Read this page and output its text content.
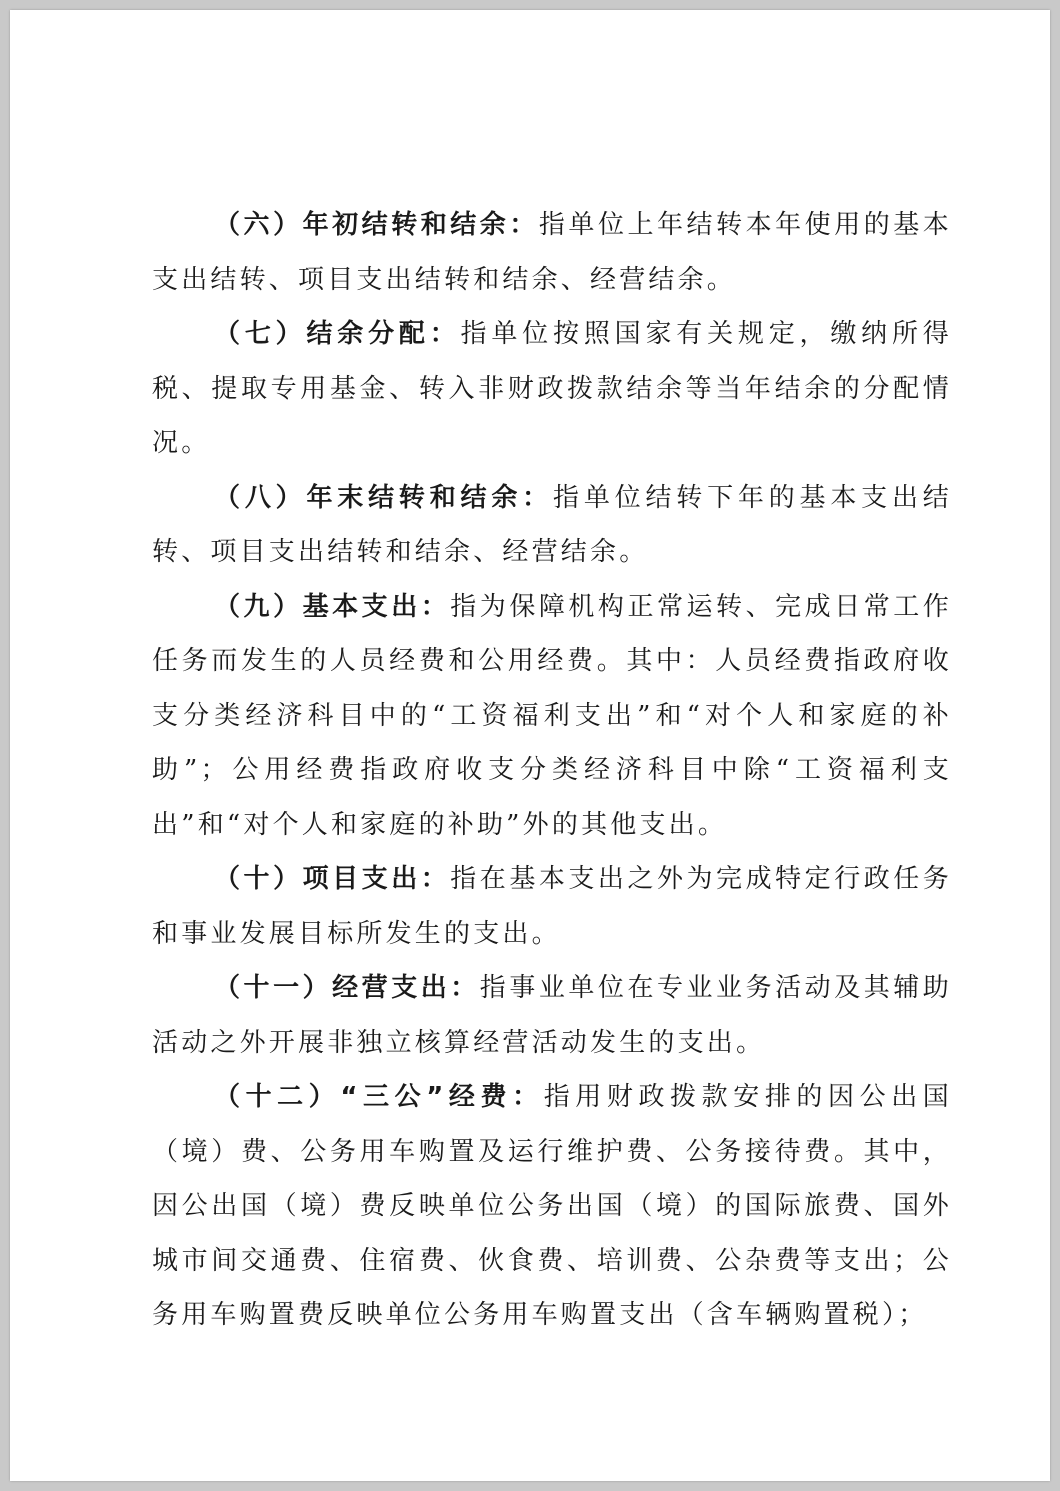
（六）年初结转和结余：指单位上年结转本年使用的基本支出结转、项目支出结转和结余、经营结余。

（七）结余分配：指单位按照国家有关规定，缴纳所得税、提取专用基金、转入非财政拨款结余等当年结余的分配情况。

（八）年末结转和结余：指单位结转下年的基本支出结转、项目支出结转和结余、经营结余。

（九）基本支出：指为保障机构正常运转、完成日常工作任务而发生的人员经费和公用经费。其中：人员经费指政府收支分类经济科目中的“工资福利支出”和“对个人和家庭的补助”；公用经费指政府收支分类经济科目中除“工资福利支出”和“对个人和家庭的补助”外的其他支出。

（十）项目支出：指在基本支出之外为完成特定行政任务和事业发展目标所发生的支出。

（十一）经营支出：指事业单位在专业业务活动及其辅助活动之外开展非独立核算经营活动发生的支出。

（十二）“三公”经费：指用财政拨款安排的因公出国（境）费、公务用车购置及运行维护费、公务接待费。其中，因公出国（境）费反映单位公务出国（境）的国际旅费、国外城市间交通费、住宿费、伙食费、培训费、公杂费等支出；公务用车购置费反映单位公务用车购置支出（含车辆购置税）；
